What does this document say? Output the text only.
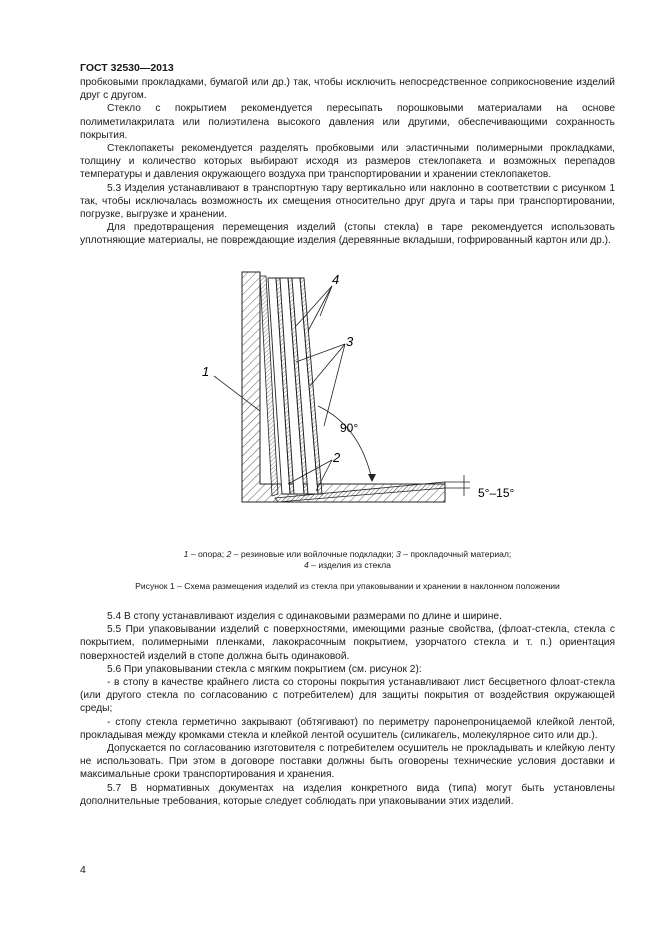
ГОСТ 32530—2013

пробковыми прокладками, бумагой или др.) так, чтобы исключить непосредственное соприкосновение изделий друг с другом.

Стекло с покрытием рекомендуется пересыпать порошковыми материалами на основе полиметилакрилата или полиэтилена высокого давления или другими, обеспечивающими сохранность покрытия.

Стеклопакеты рекомендуется разделять пробковыми или эластичными полимерными прокладками, толщину и количество которых выбирают исходя из размеров стеклопакета и возможных перепадов температуры и давления окружающего воздуха при транспортировании и хранении стеклопакетов.

5.3 Изделия устанавливают в транспортную тару вертикально или наклонно в соответствии с рисунком 1 так, чтобы исключалась возможность их смещения относительно друг друга и тары при транспортировании, погрузке, выгрузке и хранении.

Для предотвращения перемещения изделий (стопы стекла) в таре рекомендуется использовать уплотняющие материалы, не повреждающие изделия (деревянные вкладыши, гофрированный картон или др.).

4
3
1
2
90°
5°–15°
1 – опора; 2 – резиновые или войлочные подкладки; 3 – прокладочный материал;
4 – изделия из стекла
Рисунок 1 – Схема размещения изделий из стекла при упаковывании и хранении в наклонном положении

5.4 В стопу устанавливают изделия с одинаковыми размерами по длине и ширине.

5.5 При упаковывании изделий с поверхностями, имеющими разные свойства, (флоат-стекла, стекла с покрытием, полимерными пленками, лакокрасочным покрытием, узорчатого стекла и т. п.) ориентация поверхностей изделий в стопе должна быть одинаковой.

5.6 При упаковывании стекла с мягким покрытием (см. рисунок 2):

- в стопу в качестве крайнего листа со стороны покрытия устанавливают лист бесцветного флоат-стекла (или другого стекла по согласованию с потребителем) для защиты покрытия от воздействия окружающей среды;

- стопу стекла герметично закрывают (обтягивают) по периметру паронепроницаемой клейкой лентой, прокладывая между кромками стекла и клейкой лентой осушитель (силикагель, молекулярное сито или др.).

Допускается по согласованию изготовителя с потребителем осушитель не прокладывать и клейкую ленту не использовать. При этом в договоре поставки должны быть оговорены технические условия доставки и максимальные сроки транспортирования и хранения.

5.7 В нормативных документах на изделия конкретного вида (типа) могут быть установлены дополнительные требования, которые следует соблюдать при упаковывании этих изделий.

4
